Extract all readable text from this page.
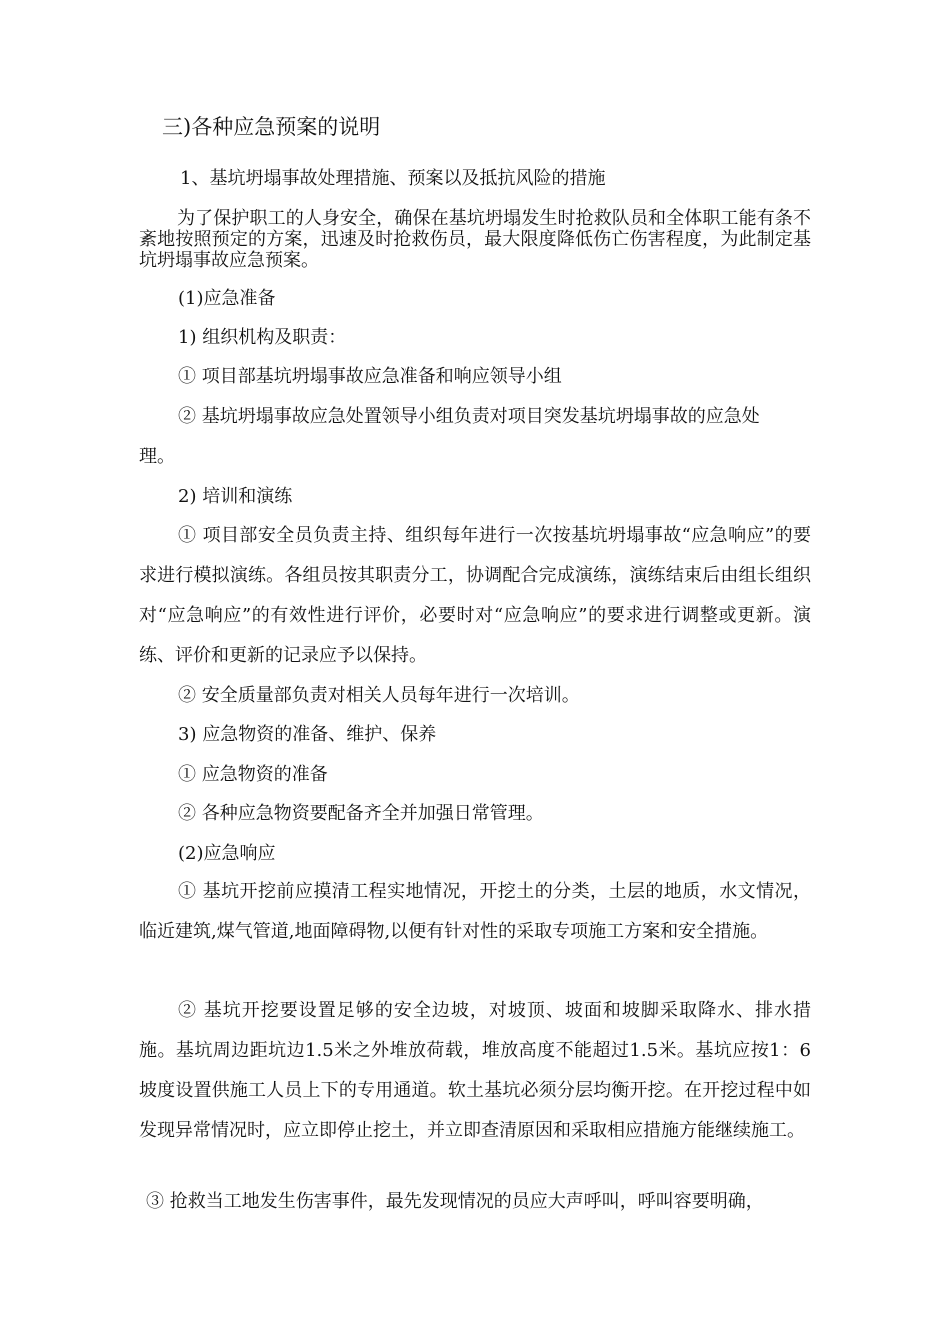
三)各种应急预案的说明

1、基坑坍塌事故处理措施、预案以及抵抗风险的措施

为了保护职工的人身安全，确保在基坑坍塌发生时抢救队员和全体职工能有条不紊地按照预定的方案，迅速及时抢救伤员，最大限度降低伤亡伤害程度，为此制定基坑坍塌事故应急预案。

(1)应急准备

1) 组织机构及职责：

① 项目部基坑坍塌事故应急准备和响应领导小组

② 基坑坍塌事故应急处置领导小组负责对项目突发基坑坍塌事故的应急处

理。

2) 培训和演练

① 项目部安全员负责主持、组织每年进行一次按基坑坍塌事故“应急响应”的要求进行模拟演练。各组员按其职责分工，协调配合完成演练，演练结束后由组长组织对“应急响应”的有效性进行评价，必要时对“应急响应”的要求进行调整或更新。演练、评价和更新的记录应予以保持。

② 安全质量部负责对相关人员每年进行一次培训。

3) 应急物资的准备、维护、保养

① 应急物资的准备

② 各种应急物资要配备齐全并加强日常管理。

(2)应急响应

① 基坑开挖前应摸清工程实地情况，开挖土的分类，土层的地质，水文情况，临近建筑,煤气管道,地面障碍物,以便有针对性的采取专项施工方案和安全措施。

② 基坑开挖要设置足够的安全边坡，对坡顶、坡面和坡脚采取降水、排水措施。基坑周边距坑边1.5米之外堆放荷载，堆放高度不能超过1.5米。基坑应按1：6坡度设置供施工人员上下的专用通道。软土基坑必须分层均衡开挖。在开挖过程中如发现异常情况时，应立即停止挖土，并立即查清原因和采取相应措施方能继续施工。

③ 抢救当工地发生伤害事件，最先发现情况的员应大声呼叫，呼叫容要明确，
